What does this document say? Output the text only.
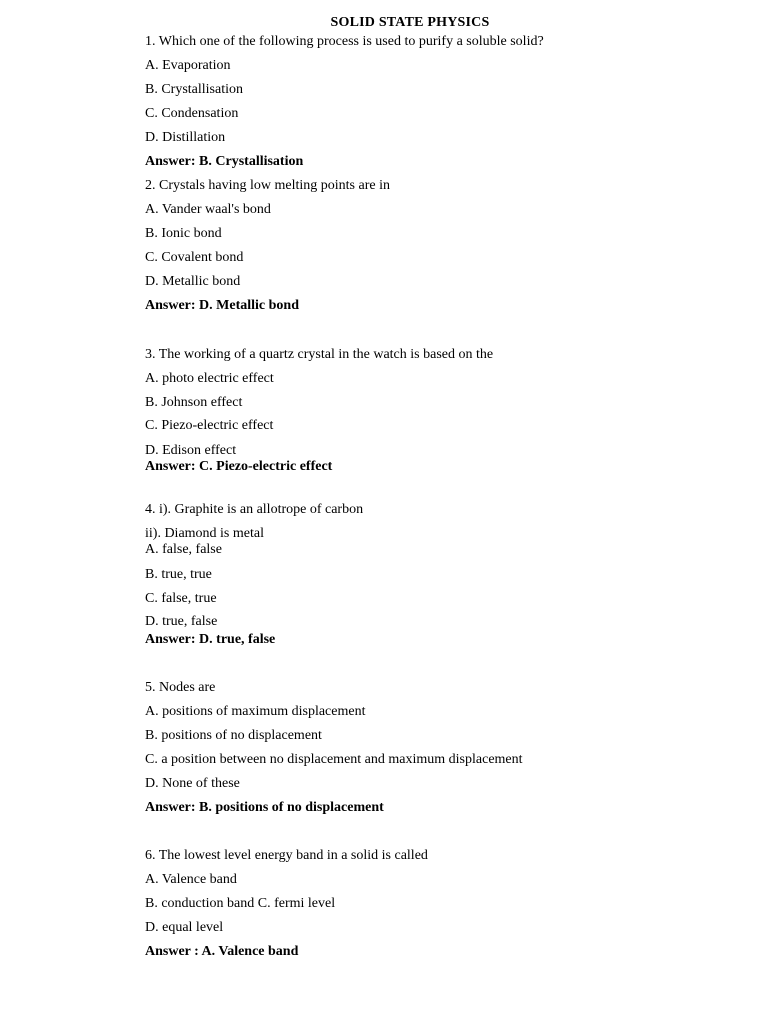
SOLID STATE PHYSICS
1. Which one of the following process is used to purify a soluble solid?
A. Evaporation
B. Crystallisation
C. Condensation
D. Distillation
Answer: B. Crystallisation
2. Crystals having low melting points are in
A. Vander waal's bond
B. Ionic bond
C. Covalent bond
D. Metallic bond
Answer: D. Metallic bond
3. The working of a quartz crystal in the watch is based on the
A. photo electric effect
B. Johnson effect
C. Piezo-electric effect
D. Edison effect
Answer: C. Piezo-electric effect
4. i). Graphite is an allotrope of carbon
ii). Diamond is metal
A. false, false
B. true, true
C. false, true
D. true, false
Answer: D. true, false
5. Nodes are
A. positions of maximum displacement
B. positions of no displacement
C. a position between no displacement and maximum displacement
D. None of these
Answer: B. positions of no displacement
6. The lowest level energy band in a solid is called
A. Valence band
B. conduction band C. fermi level
D. equal level
Answer : A. Valence band
